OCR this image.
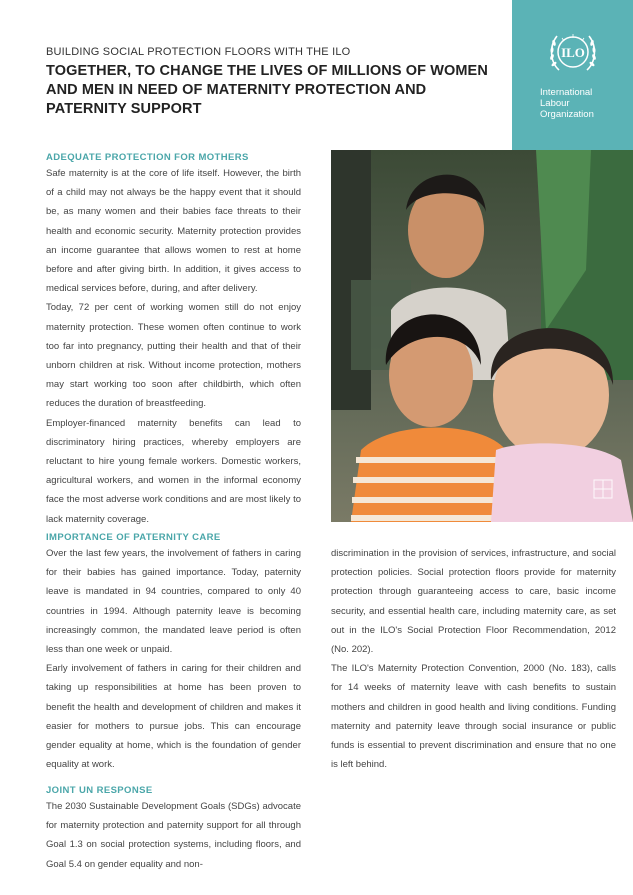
BUILDING SOCIAL PROTECTION FLOORS WITH THE ILO
TOGETHER, TO CHANGE THE LIVES OF MILLIONS OF WOMEN AND MEN IN NEED OF MATERNITY PROTECTION AND PATERNITY SUPPORT
ILO
International
Labour
Organization
ADEQUATE PROTECTION FOR MOTHERS

Safe maternity is at the core of life itself. However, the birth of a child may not always be the happy event that it should be, as many women and their babies face threats to their health and economic security. Maternity protection provides an income guarantee that allows women to rest at home before and after giving birth. In addition, it gives access to medical services before, during, and after delivery.

Today, 72 per cent of working women still do not enjoy maternity protection. These women often continue to work too far into pregnancy, putting their health and that of their unborn children at risk. Without income protection, mothers may start working too soon after childbirth, which often reduces the duration of breastfeeding.

Employer-financed maternity benefits can lead to discriminatory hiring practices, whereby employers are reluctant to hire young female workers. Domestic workers, agricultural workers, and women in the informal economy face the most adverse work conditions and are most likely to lack maternity coverage.

IMPORTANCE OF PATERNITY CARE

Over the last few years, the involvement of fathers in caring for their babies has gained importance. Today, paternity leave is mandated in 94 countries, compared to only 40 countries in 1994. Although paternity leave is becoming increasingly common, the mandated leave period is often less than one week or unpaid.

Early involvement of fathers in caring for their children and taking up responsibilities at home has been proven to benefit the health and development of children and makes it easier for mothers to pursue jobs. This can encourage gender equality at home, which is the foundation of gender equality at work.

JOINT UN RESPONSE

The 2030 Sustainable Development Goals (SDGs) advocate for maternity protection and paternity support for all through Goal 1.3 on social protection systems, including floors, and Goal 5.4 on gender equality and non-

discrimination in the provision of services, infrastructure, and social protection policies. Social protection floors provide for maternity protection through guaranteeing access to care, basic income security, and essential health care, including maternity care, as set out in the ILO's Social Protection Floor Recommendation, 2012 (No. 202).

The ILO's Maternity Protection Convention, 2000 (No. 183), calls for 14 weeks of maternity leave with cash benefits to sustain mothers and children in good health and living conditions. Funding maternity and paternity leave through social insurance or public funds is essential to prevent discrimination and ensure that no one is left behind.
